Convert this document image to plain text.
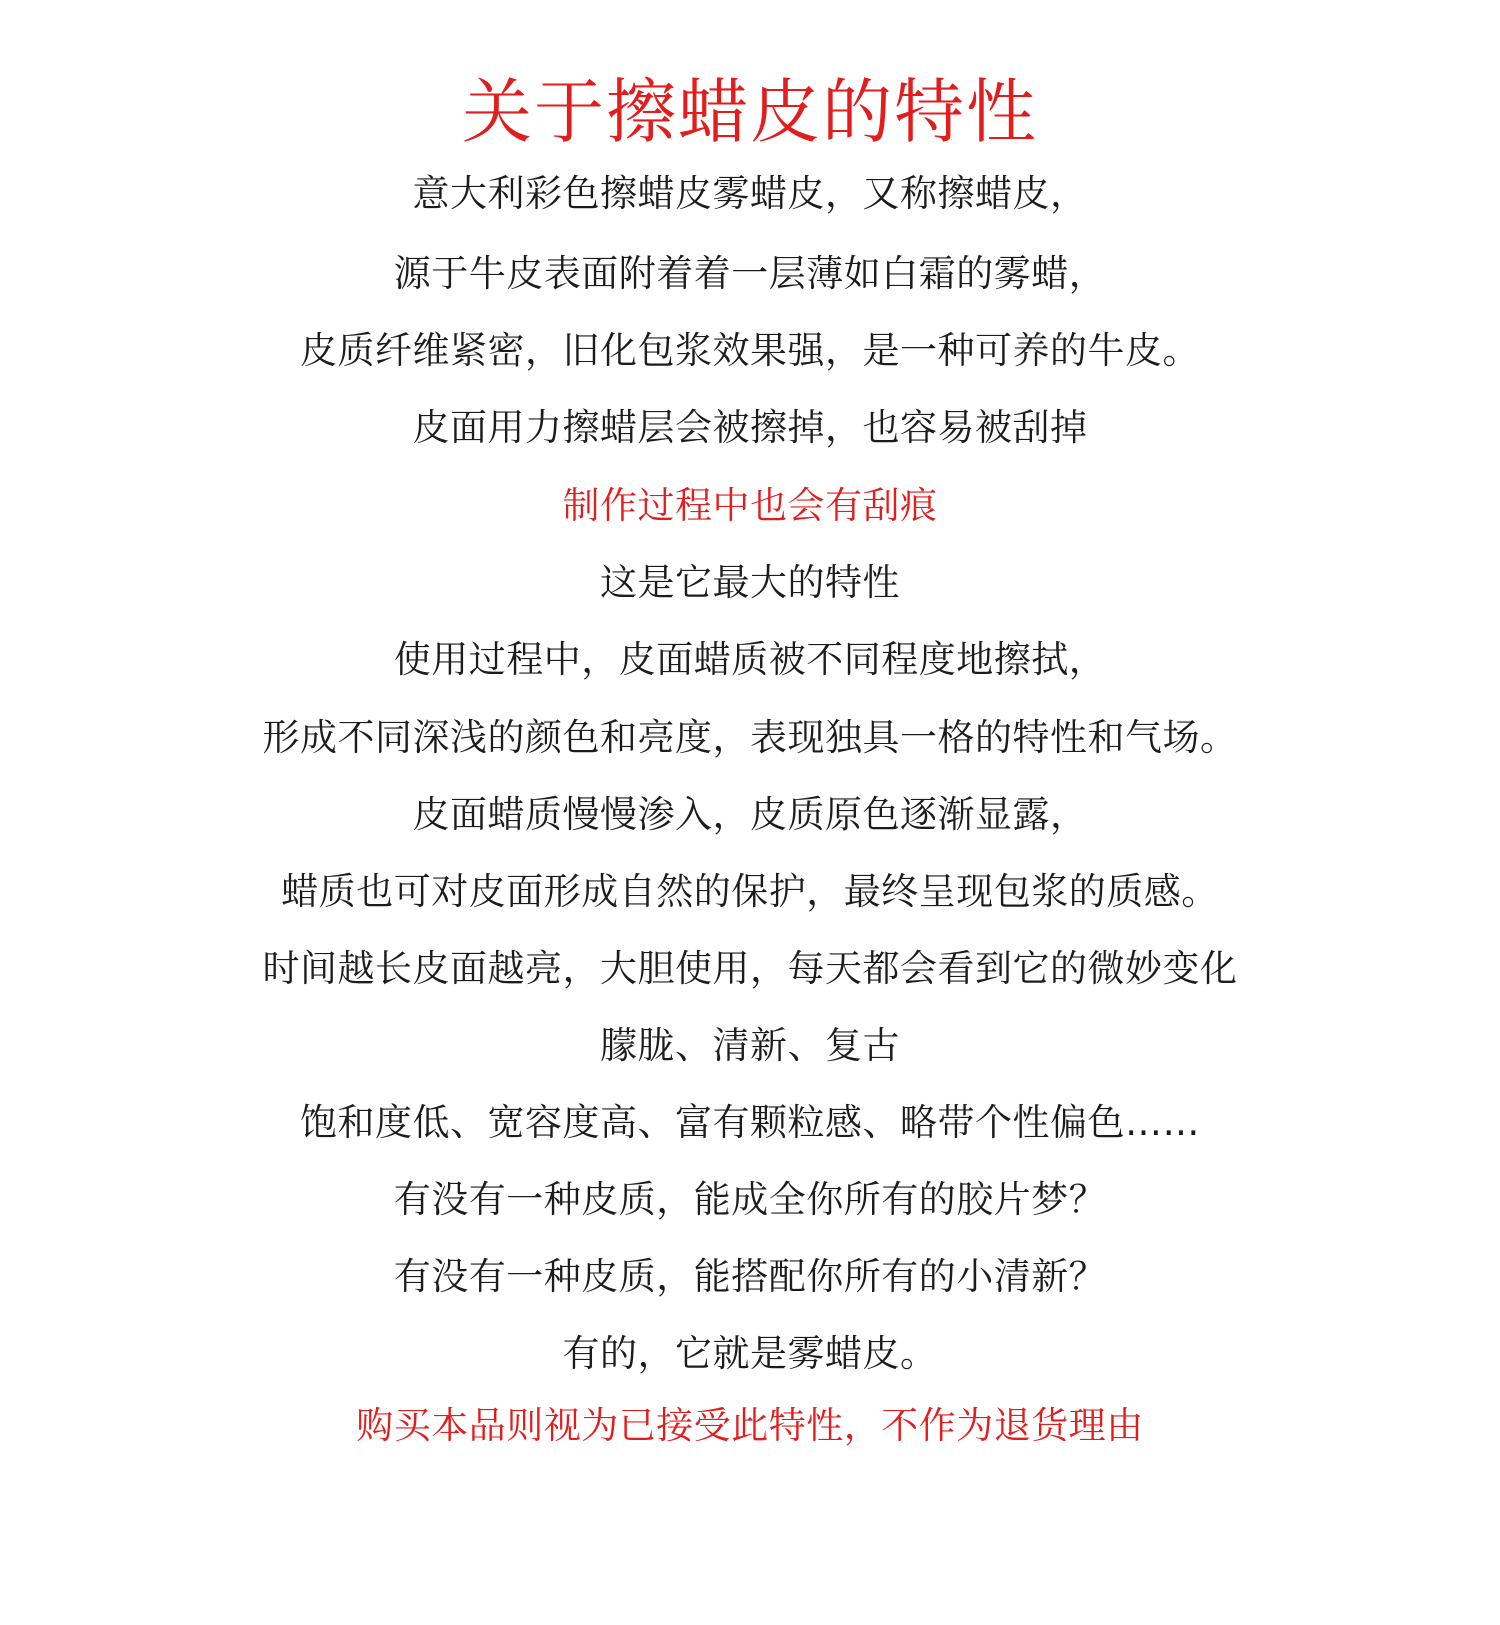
关于擦蜡皮的特性
意大利彩色擦蜡皮雾蜡皮，又称擦蜡皮，
源于牛皮表面附着着一层薄如白霜的雾蜡，
皮质纤维紧密，旧化包浆效果强，是一种可养的牛皮。
皮面用力擦蜡层会被擦掉，也容易被刮掉
制作过程中也会有刮痕
这是它最大的特性
使用过程中，皮面蜡质被不同程度地擦拭，
形成不同深浅的颜色和亮度，表现独具一格的特性和气场。
皮面蜡质慢慢渗入，皮质原色逐渐显露，
蜡质也可对皮面形成自然的保护，最终呈现包浆的质感。
时间越长皮面越亮，大胆使用，每天都会看到它的微妙变化
朦胧、清新、复古
饱和度低、宽容度高、富有颗粒感、略带个性偏色……
有没有一种皮质，能成全你所有的胶片梦？
有没有一种皮质，能搭配你所有的小清新？
有的，它就是雾蜡皮。
购买本品则视为已接受此特性，不作为退货理由
